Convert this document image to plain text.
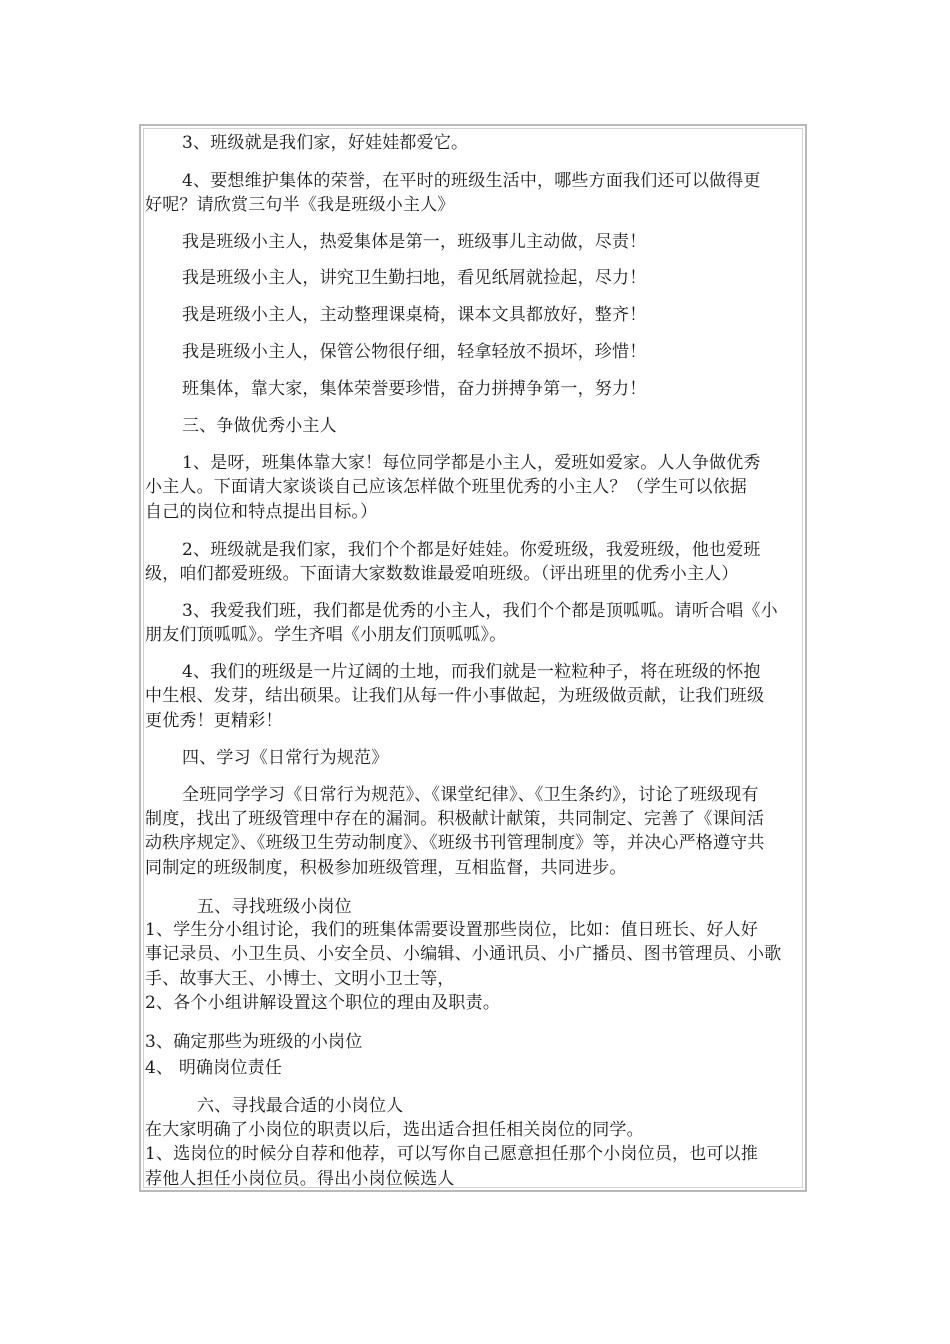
3、班级就是我们家，好娃娃都爱它。
4、要想维护集体的荣誉，在平时的班级生活中，哪些方面我们还可以做得更
好呢？请欣赏三句半《我是班级小主人》
我是班级小主人，热爱集体是第一，班级事儿主动做，尽责！
我是班级小主人，讲究卫生勤扫地，看见纸屑就捡起，尽力！
我是班级小主人，主动整理课桌椅，课本文具都放好，整齐！
我是班级小主人，保管公物很仔细，轻拿轻放不损坏，珍惜！
班集体，靠大家，集体荣誉要珍惜，奋力拼搏争第一，努力！
三、争做优秀小主人
1、是呀，班集体靠大家！每位同学都是小主人，爱班如爱家。人人争做优秀
小主人。下面请大家谈谈自己应该怎样做个班里优秀的小主人？（学生可以依据
自己的岗位和特点提出目标。）
2、班级就是我们家，我们个个都是好娃娃。你爱班级，我爱班级，他也爱班
级，咱们都爱班级。下面请大家数数谁最爱咱班级。（评出班里的优秀小主人）
3、我爱我们班，我们都是优秀的小主人，我们个个都是顶呱呱。请听合唱《小
朋友们顶呱呱》。学生齐唱《小朋友们顶呱呱》。
4、我们的班级是一片辽阔的土地，而我们就是一粒粒种子，将在班级的怀抱
中生根、发芽，结出硕果。让我们从每一件小事做起，为班级做贡献，让我们班级
更优秀！更精彩！
四、学习《日常行为规范》
全班同学学习《日常行为规范》、《课堂纪律》、《卫生条约》，讨论了班级现有
制度，找出了班级管理中存在的漏洞。积极献计献策，共同制定、完善了《课间活
动秩序规定》、《班级卫生劳动制度》、《班级书刊管理制度》等，并决心严格遵守共
同制定的班级制度，积极参加班级管理，互相监督，共同进步。
五、寻找班级小岗位
1、学生分小组讨论，我们的班集体需要设置那些岗位，比如：值日班长、好人好
事记录员、小卫生员、小安全员、小编辑、小通讯员、小广播员、图书管理员、小歌
手、故事大王、小博士、文明小卫士等，
2、各个小组讲解设置这个职位的理由及职责。
3、确定那些为班级的小岗位
4、 明确岗位责任
六、寻找最合适的小岗位人
在大家明确了小岗位的职责以后，选出适合担任相关岗位的同学。
1、选岗位的时候分自荐和他荐，可以写你自己愿意担任那个小岗位员，也可以推
荐他人担任小岗位员。得出小岗位候选人
